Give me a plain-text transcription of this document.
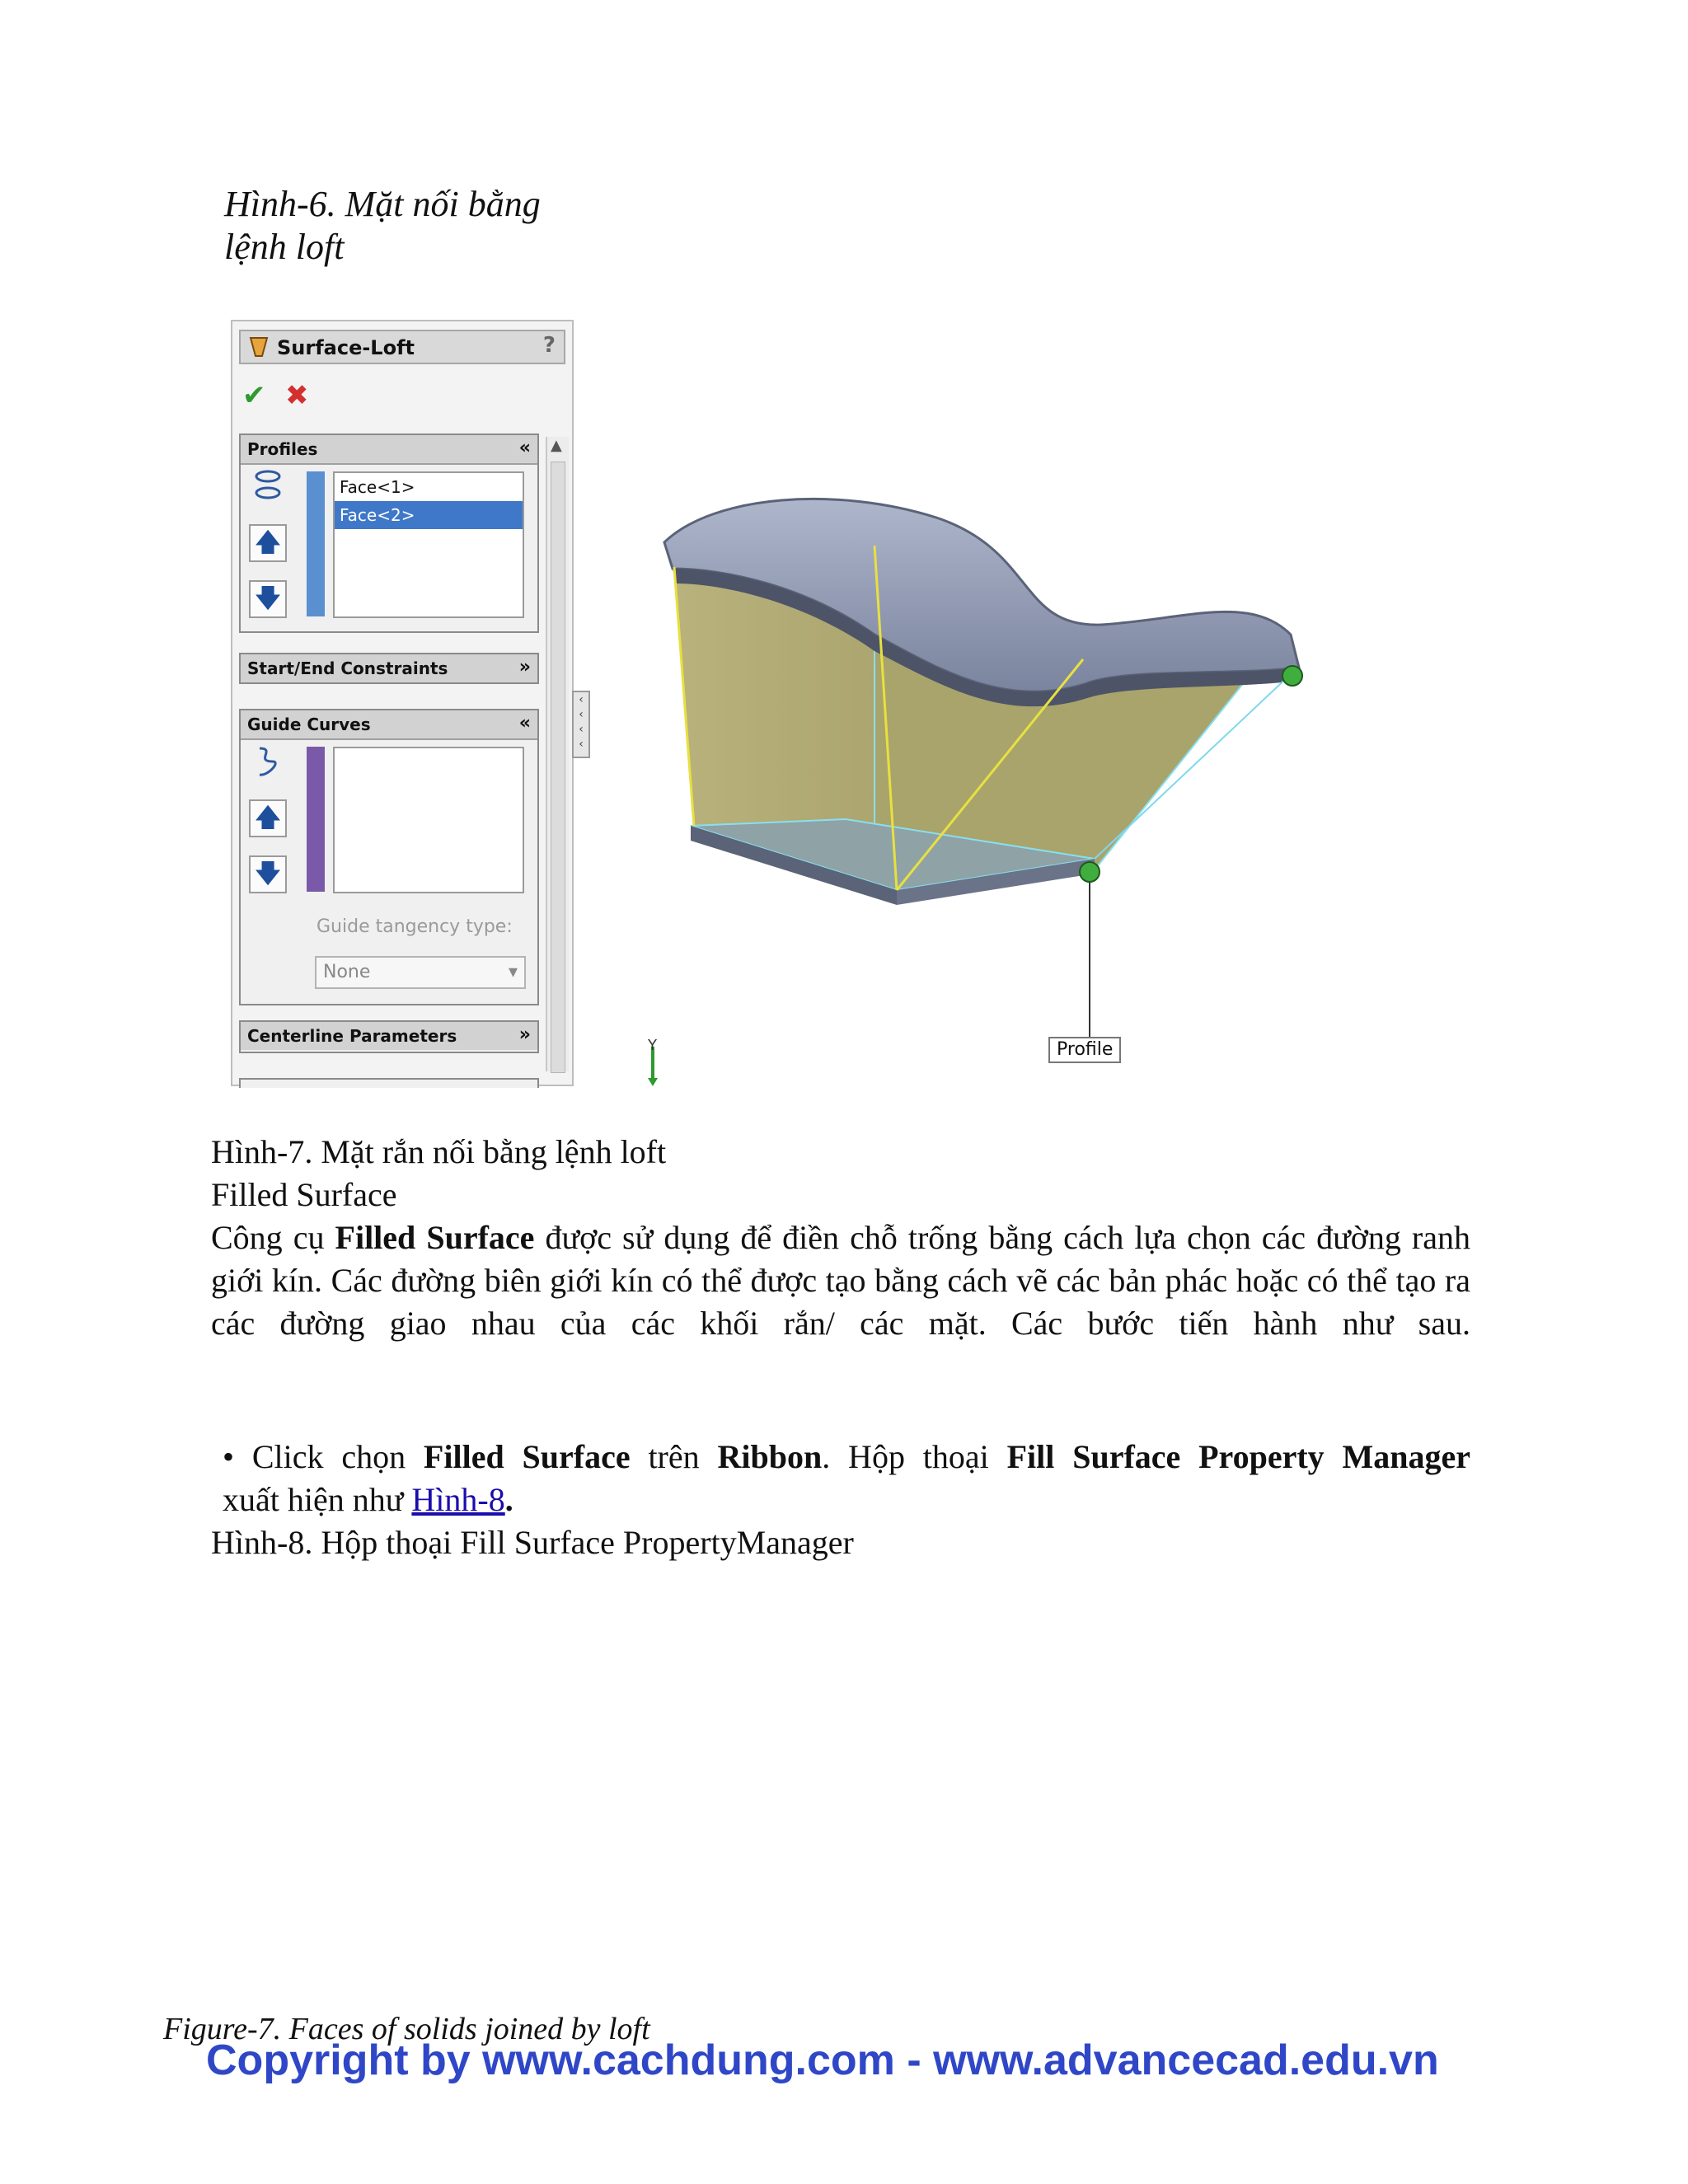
Hình-6. Mặt nối bằng
lệnh loft
Surface-Loft	?
✔ ✖
Profiles	«
🡅
🡇
Face<1>
Face<2>
Start/End Constraints	»
Guide Curves	«
🡅
🡇
Guide tangency type:
None	▾
Centerline Parameters	»
▲
‹
‹
‹
‹
Y	Profile
Hình-7. Mặt rắn nối bằng lệnh loft
Filled Surface
Công cụ Filled Surface được sử dụng để điền chỗ trống bằng cách lựa chọn các đường ranh giới kín. Các đường biên giới kín có thể được tạo bằng cách vẽ các bản phác hoặc có thể tạo ra các đường giao nhau của các khối rắn/ các mặt. Các bước tiến hành như sau.
• Click chọn Filled Surface trên Ribbon. Hộp thoại Fill Surface Property Manager
xuất hiện như Hình-8.
Hình-8. Hộp thoại Fill Surface PropertyManager
Figure-7. Faces of solids joined by loft
Copyright by www.cachdung.com - www.advancecad.edu.vn
